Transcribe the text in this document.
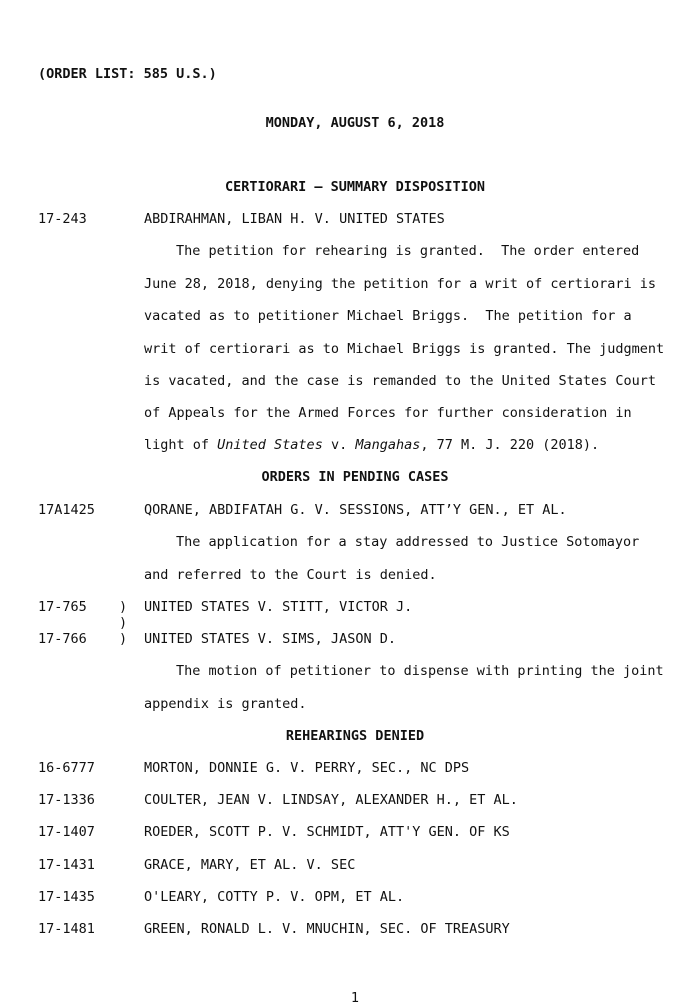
(ORDER LIST: 585 U.S.)
MONDAY, AUGUST 6, 2018
CERTIORARI – SUMMARY DISPOSITION
17-243	ABDIRAHMAN, LIBAN H. V. UNITED STATES
The petition for rehearing is granted.  The order entered
June 28, 2018, denying the petition for a writ of certiorari is
vacated as to petitioner Michael Briggs.  The petition for a
writ of certiorari as to Michael Briggs is granted. The judgment
is vacated, and the case is remanded to the United States Court
of Appeals for the Armed Forces for further consideration in
light of United States v. Mangahas, 77 M. J. 220 (2018).
ORDERS IN PENDING CASES
17A1425	QORANE, ABDIFATAH G. V. SESSIONS, ATT’Y GEN., ET AL.
The application for a stay addressed to Justice Sotomayor
and referred to the Court is denied.
17-765 ) UNITED STATES V. STITT, VICTOR J.
)
17-766 ) UNITED STATES V. SIMS, JASON D.
The motion of petitioner to dispense with printing the joint
appendix is granted.
REHEARINGS DENIED
16-6777	MORTON, DONNIE G. V. PERRY, SEC., NC DPS
17-1336	COULTER, JEAN V. LINDSAY, ALEXANDER H., ET AL.
17-1407	ROEDER, SCOTT P. V. SCHMIDT, ATT'Y GEN. OF KS
17-1431	GRACE, MARY, ET AL. V. SEC
17-1435	O'LEARY, COTTY P. V. OPM, ET AL.
17-1481	GREEN, RONALD L. V. MNUCHIN, SEC. OF TREASURY
1
